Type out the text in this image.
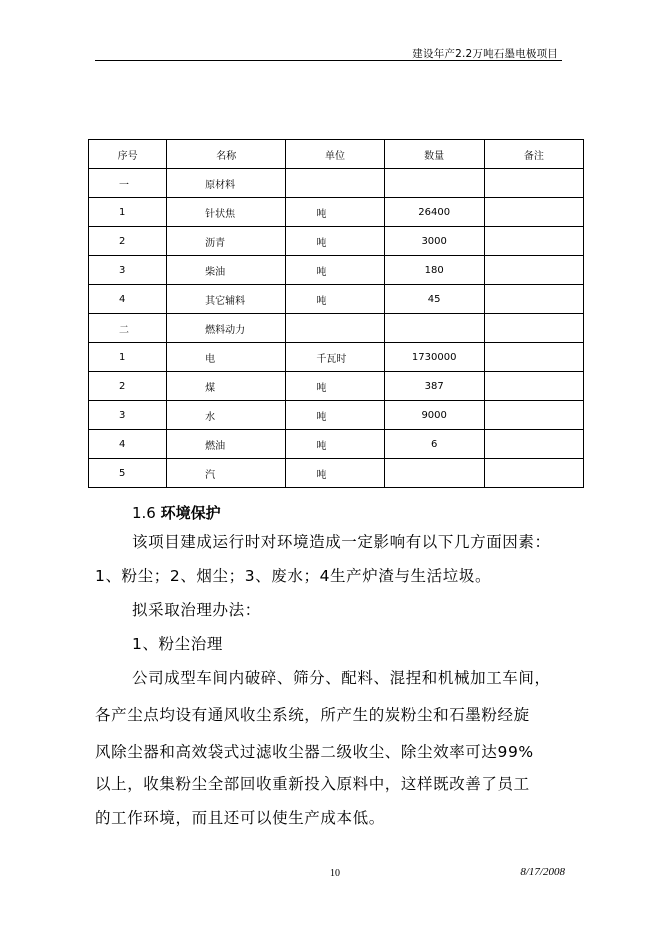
建设年产2.2万吨石墨电极项目
序号	名称	单位	数量	备注
一	原材料			
1	针状焦	吨	26400	
2	沥青	吨	3000	
3	柴油	吨	180	
4	其它辅料	吨	45	
二	燃料动力			
1	电	千瓦时	1730000	
2	煤	吨	387	
3	水	吨	9000	
4	燃油	吨	6	
5	汽	吨		
1.6 环境保护
该项目建成运行时对环境造成一定影响有以下几方面因素：
1、粉尘；2、烟尘；3、废水；4生产炉渣与生活垃圾。
拟采取治理办法：
1、粉尘治理
公司成型车间内破碎、筛分、配料、混捏和机械加工车间，
各产尘点均设有通风收尘系统，所产生的炭粉尘和石墨粉经旋
风除尘器和高效袋式过滤收尘器二级收尘、除尘效率可达99%
以上，收集粉尘全部回收重新投入原料中，这样既改善了员工
的工作环境，而且还可以使生产成本低。
10	8/17/2008
